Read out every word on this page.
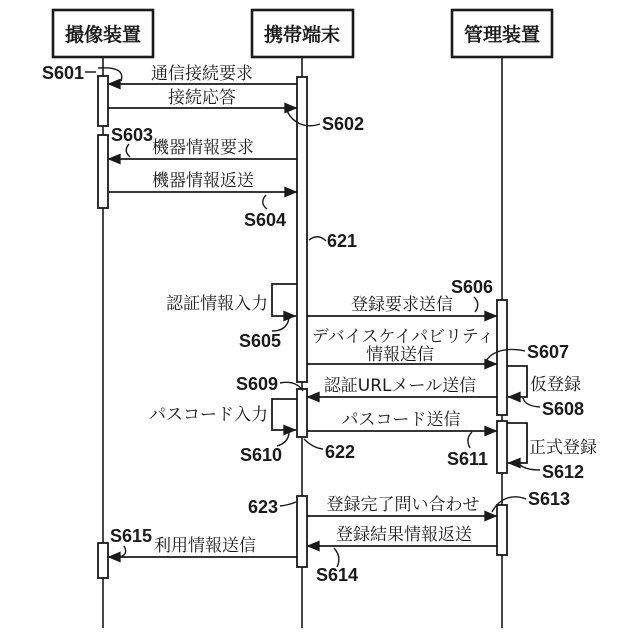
撮像装置	携帯端末	管理装置
通信接続要求
接続応答
機器情報要求
機器情報返送
認証情報入力	登録要求送信
デバイスケイパビリティ
情報送信
認証URLメール送信	仮登録
パスコード入力	パスコード送信
正式登録
登録完了問い合わせ
登録結果情報返送
利用情報送信
S601
S602
S603
S604
621
S605
S606
S607
S608
S609
S610 622	S611
S612
S613
623
S614
S615
